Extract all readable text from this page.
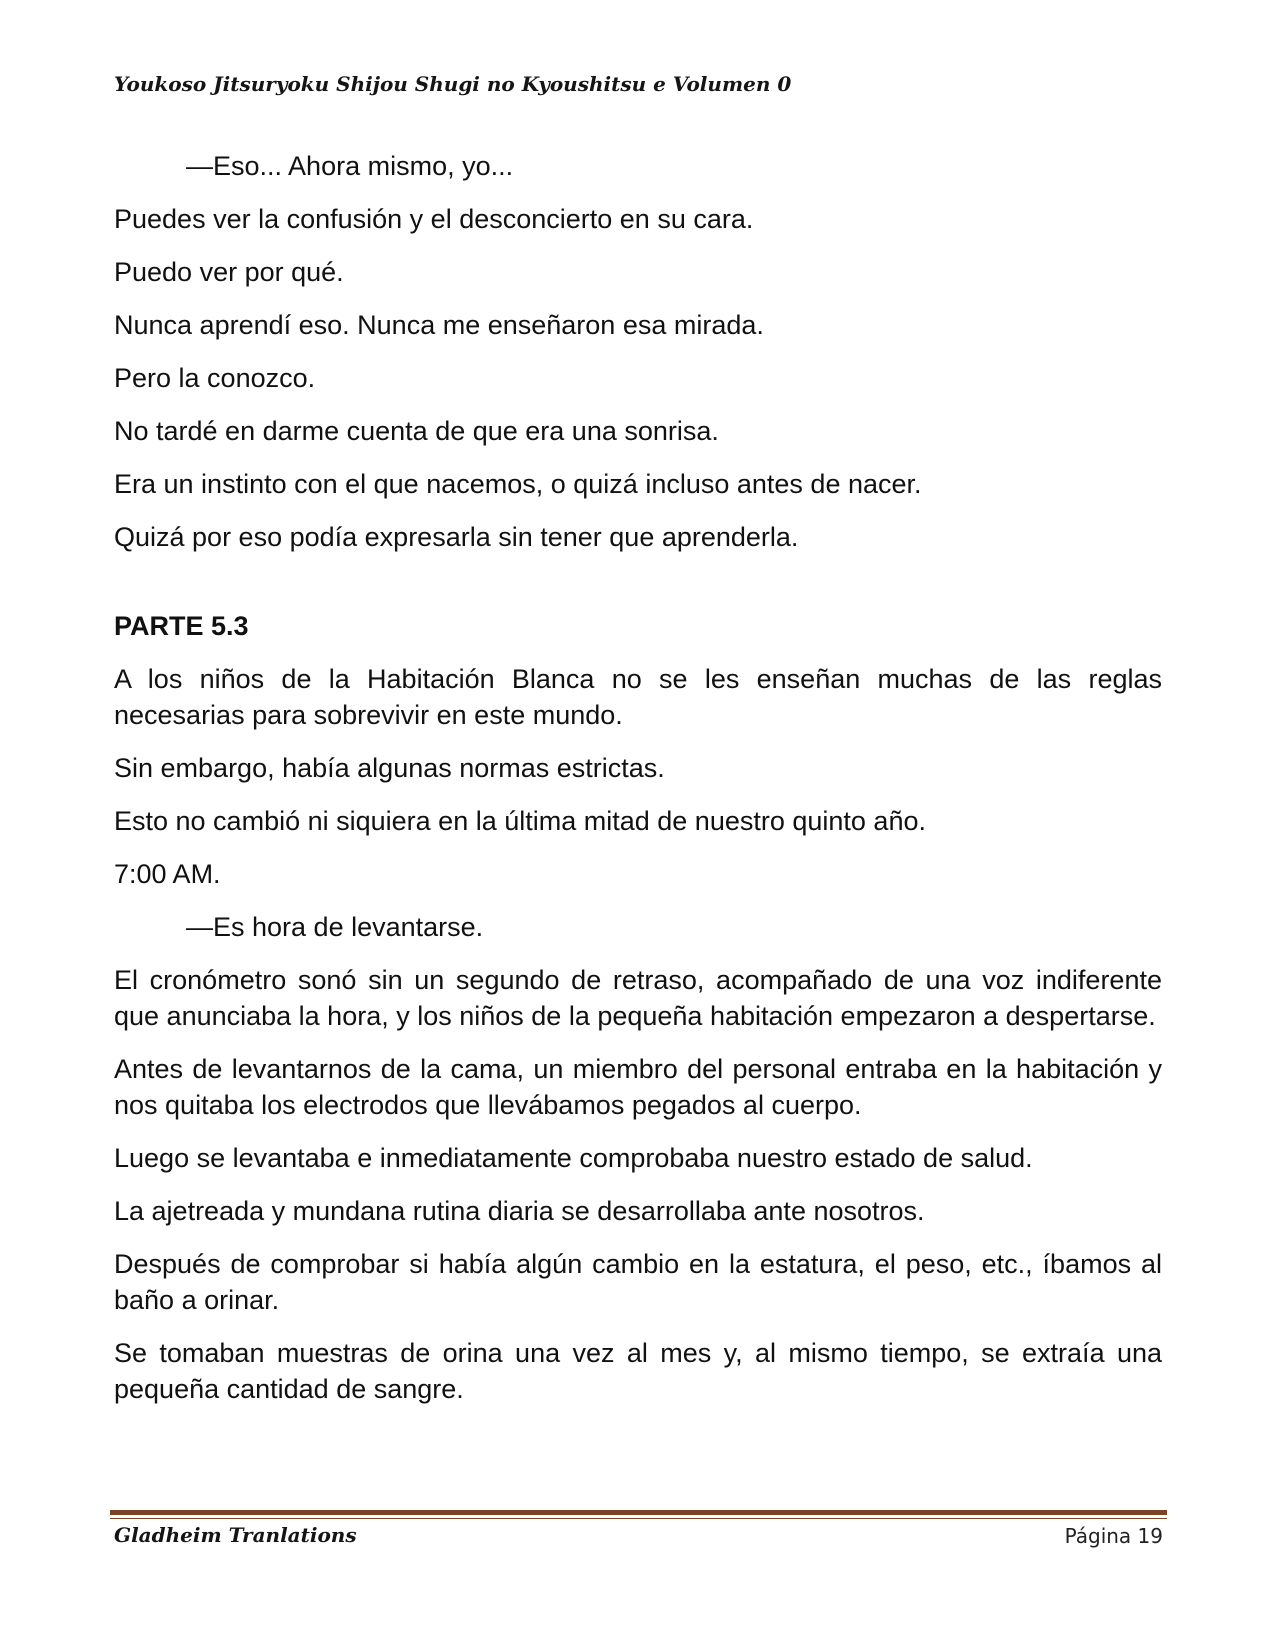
Youkoso Jitsuryoku Shijou Shugi no Kyoushitsu e Volumen 0
—Eso... Ahora mismo, yo...
Puedes ver la confusión y el desconcierto en su cara.
Puedo ver por qué.
Nunca aprendí eso. Nunca me enseñaron esa mirada.
Pero la conozco.
No tardé en darme cuenta de que era una sonrisa.
Era un instinto con el que nacemos, o quizá incluso antes de nacer.
Quizá por eso podía expresarla sin tener que aprenderla.
PARTE 5.3
A los niños de la Habitación Blanca no se les enseñan muchas de las reglas necesarias para sobrevivir en este mundo.
Sin embargo, había algunas normas estrictas.
Esto no cambió ni siquiera en la última mitad de nuestro quinto año.
7:00 AM.
—Es hora de levantarse.
El cronómetro sonó sin un segundo de retraso, acompañado de una voz indiferente que anunciaba la hora, y los niños de la pequeña habitación empezaron a despertarse.
Antes de levantarnos de la cama, un miembro del personal entraba en la habitación y nos quitaba los electrodos que llevábamos pegados al cuerpo.
Luego se levantaba e inmediatamente comprobaba nuestro estado de salud.
La ajetreada y mundana rutina diaria se desarrollaba ante nosotros.
Después de comprobar si había algún cambio en la estatura, el peso, etc., íbamos al baño a orinar.
Se tomaban muestras de orina una vez al mes y, al mismo tiempo, se extraía una pequeña cantidad de sangre.
Gladheim Tranlations	Página 19
